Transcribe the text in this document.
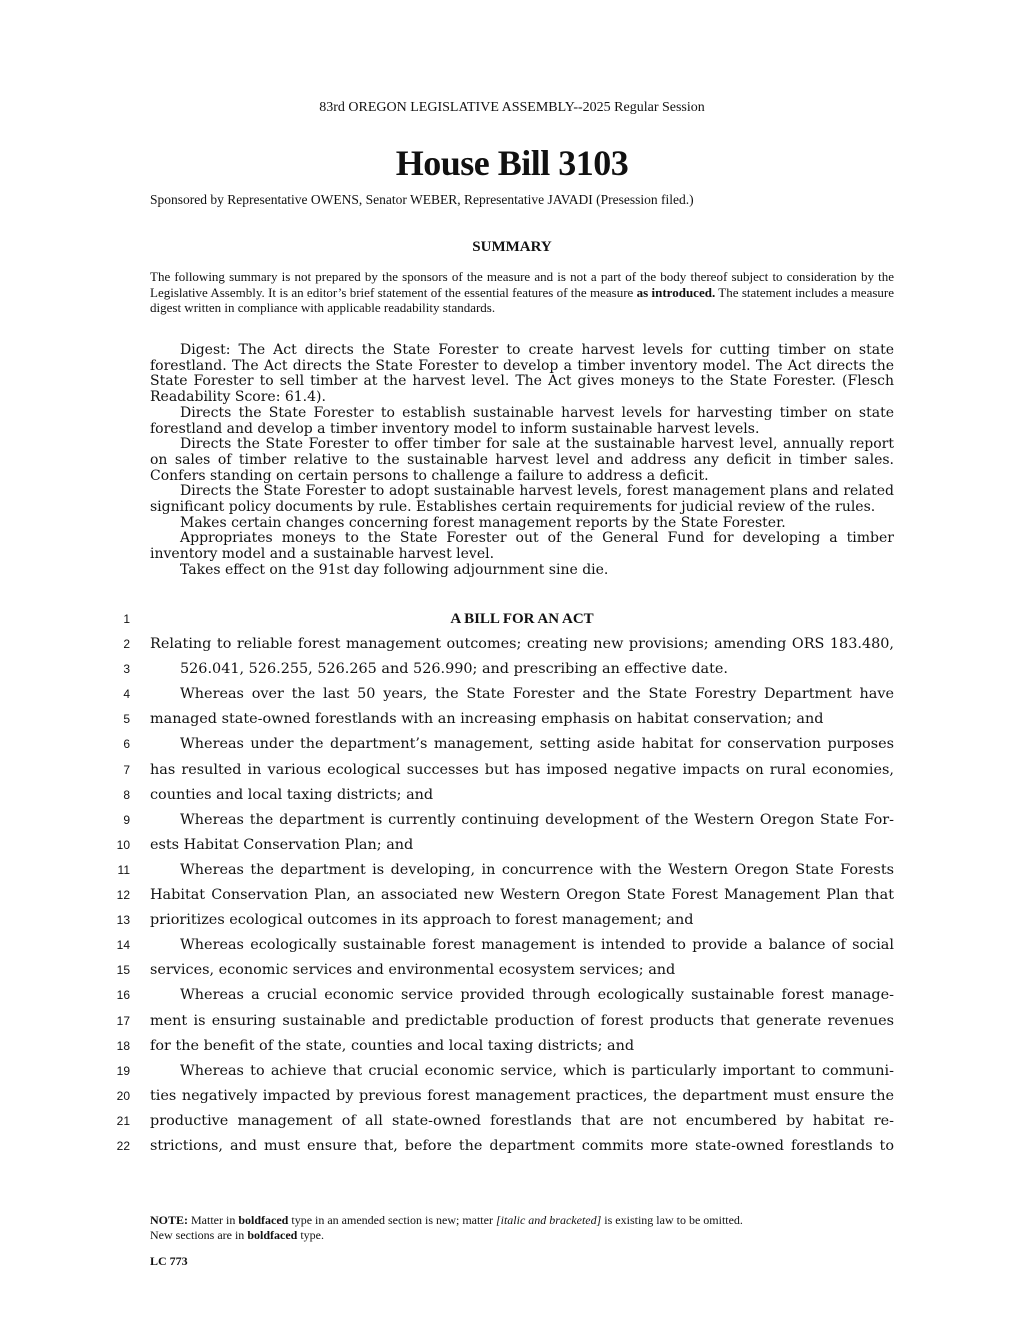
83rd OREGON LEGISLATIVE ASSEMBLY--2025 Regular Session
House Bill 3103
Sponsored by Representative OWENS, Senator WEBER, Representative JAVADI (Presession filed.)
SUMMARY
The following summary is not prepared by the sponsors of the measure and is not a part of the body thereof subject to consideration by the Legislative Assembly. It is an editor’s brief statement of the essential features of the measure as introduced. The statement includes a measure digest written in compliance with applicable readability standards.

Digest: The Act directs the State Forester to create harvest levels for cutting timber on state forestland. The Act directs the State Forester to develop a timber inventory model. The Act directs the State Forester to sell timber at the harvest level. The Act gives moneys to the State Forester. (Flesch Readability Score: 61.4).

Directs the State Forester to establish sustainable harvest levels for harvesting timber on state forestland and develop a timber inventory model to inform sustainable harvest levels.

Directs the State Forester to offer timber for sale at the sustainable harvest level, annually report on sales of timber relative to the sustainable harvest level and address any deficit in timber sales. Confers standing on certain persons to challenge a failure to address a deficit.

Directs the State Forester to adopt sustainable harvest levels, forest management plans and related significant policy documents by rule. Establishes certain requirements for judicial review of the rules.

Makes certain changes concerning forest management reports by the State Forester.

Appropriates moneys to the State Forester out of the General Fund for developing a timber inventory model and a sustainable harvest level.

Takes effect on the 91st day following adjournment sine die.

1
2
3
4
5
6
7
8
9
10
11
12
13
14
15
16
17
18
19
20
21
22
A BILL FOR AN ACT
Relating to reliable forest management outcomes; creating new provisions; amending ORS 183.480,
526.041, 526.255, 526.265 and 526.990; and prescribing an effective date.
Whereas over the last 50 years, the State Forester and the State Forestry Department have
managed state-owned forestlands with an increasing emphasis on habitat conservation; and
Whereas under the department’s management, setting aside habitat for conservation purposes
has resulted in various ecological successes but has imposed negative impacts on rural economies,
counties and local taxing districts; and
Whereas the department is currently continuing development of the Western Oregon State For-
ests Habitat Conservation Plan; and
Whereas the department is developing, in concurrence with the Western Oregon State Forests
Habitat Conservation Plan, an associated new Western Oregon State Forest Management Plan that
prioritizes ecological outcomes in its approach to forest management; and
Whereas ecologically sustainable forest management is intended to provide a balance of social
services, economic services and environmental ecosystem services; and
Whereas a crucial economic service provided through ecologically sustainable forest manage-
ment is ensuring sustainable and predictable production of forest products that generate revenues
for the benefit of the state, counties and local taxing districts; and
Whereas to achieve that crucial economic service, which is particularly important to communi-
ties negatively impacted by previous forest management practices, the department must ensure the
productive management of all state-owned forestlands that are not encumbered by habitat re-
strictions, and must ensure that, before the department commits more state-owned forestlands to
NOTE: Matter in boldfaced type in an amended section is new; matter [italic and bracketed] is existing law to be omitted.
New sections are in boldfaced type.
LC 773
